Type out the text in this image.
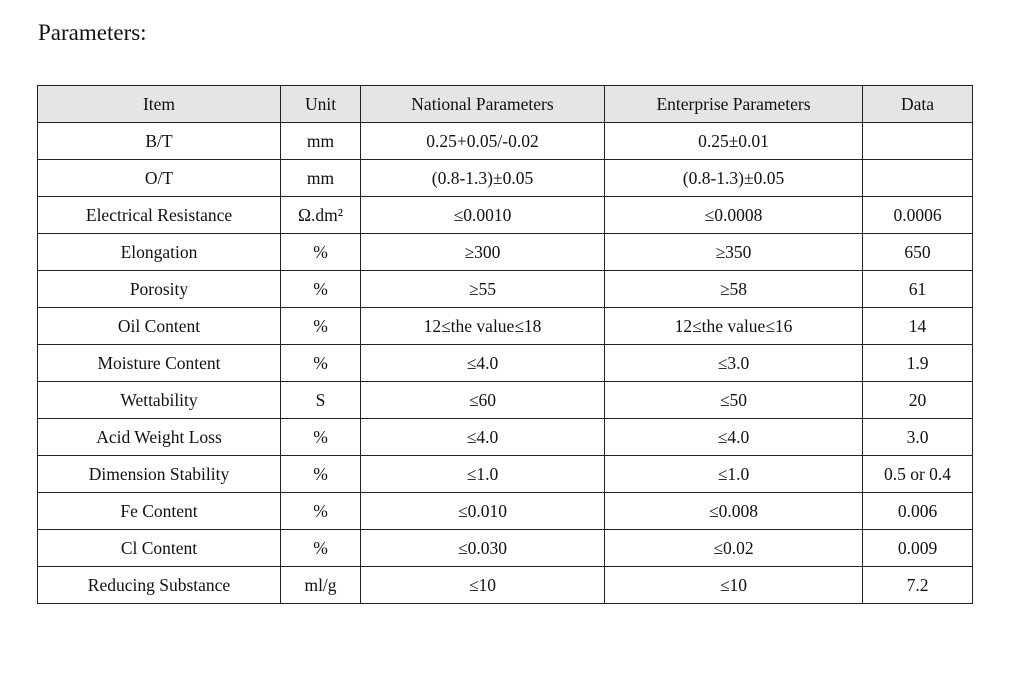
Parameters:
Item	Unit	National Parameters	Enterprise Parameters	Data
B/T	mm	0.25+0.05/-0.02	0.25±0.01	
O/T	mm	(0.8-1.3)±0.05	(0.8-1.3)±0.05	
Electrical Resistance	Ω.dm²	≤0.0010	≤0.0008	0.0006
Elongation	%	≥300	≥350	650
Porosity	%	≥55	≥58	61
Oil Content	%	12≤the value≤18	12≤the value≤16	14
Moisture Content	%	≤4.0	≤3.0	1.9
Wettability	S	≤60	≤50	20
Acid Weight Loss	%	≤4.0	≤4.0	3.0
Dimension Stability	%	≤1.0	≤1.0	0.5 or 0.4
Fe Content	%	≤0.010	≤0.008	0.006
Cl Content	%	≤0.030	≤0.02	0.009
Reducing Substance	ml/g	≤10	≤10	7.2
